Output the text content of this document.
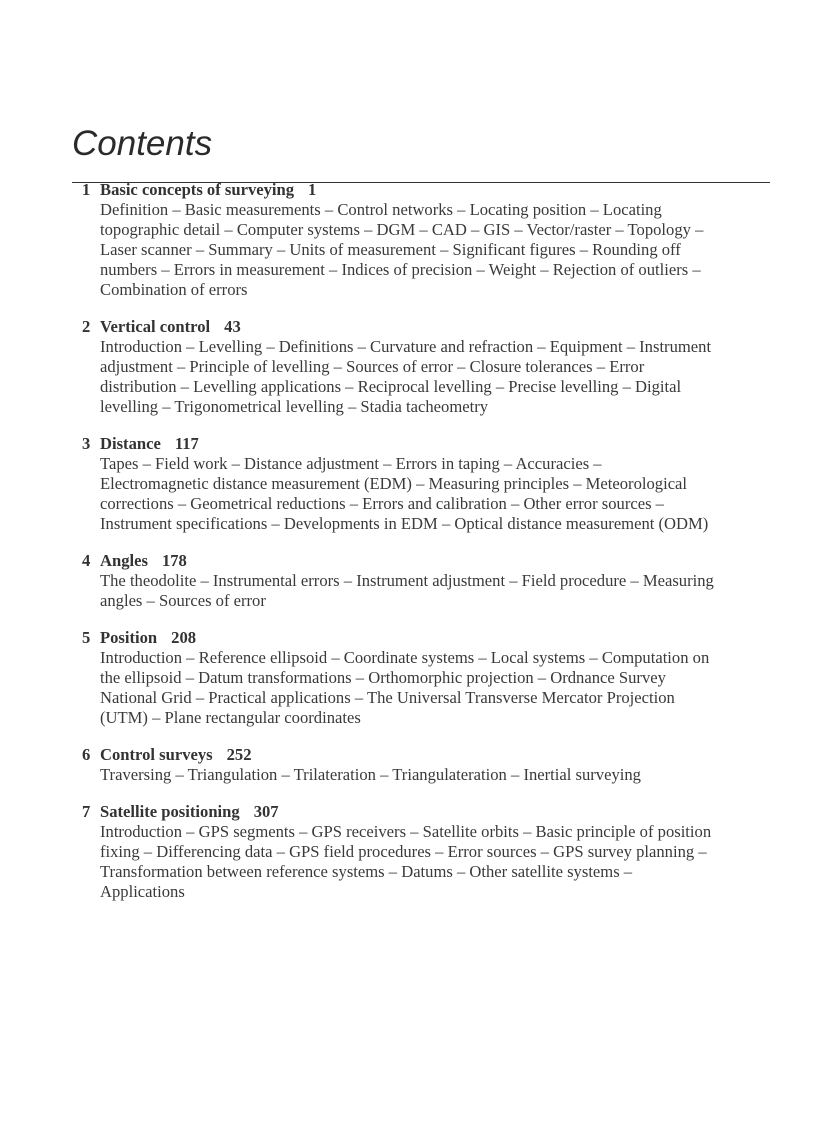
Contents
1 Basic concepts of surveying 1
Definition – Basic measurements – Control networks – Locating position – Locating
topographic detail – Computer systems – DGM – CAD – GIS – Vector/raster – Topology –
Laser scanner – Summary – Units of measurement – Significant figures – Rounding off
numbers – Errors in measurement – Indices of precision – Weight – Rejection of outliers –
Combination of errors
2 Vertical control 43
Introduction – Levelling – Definitions – Curvature and refraction – Equipment – Instrument
adjustment – Principle of levelling – Sources of error – Closure tolerances – Error
distribution – Levelling applications – Reciprocal levelling – Precise levelling – Digital
levelling – Trigonometrical levelling – Stadia tacheometry
3 Distance 117
Tapes – Field work – Distance adjustment – Errors in taping – Accuracies –
Electromagnetic distance measurement (EDM) – Measuring principles – Meteorological
corrections – Geometrical reductions – Errors and calibration – Other error sources –
Instrument specifications – Developments in EDM – Optical distance measurement (ODM)
4 Angles 178
The theodolite – Instrumental errors – Instrument adjustment – Field procedure – Measuring
angles – Sources of error
5 Position 208
Introduction – Reference ellipsoid – Coordinate systems – Local systems – Computation on
the ellipsoid – Datum transformations – Orthomorphic projection – Ordnance Survey
National Grid – Practical applications – The Universal Transverse Mercator Projection
(UTM) – Plane rectangular coordinates
6 Control surveys 252
Traversing – Triangulation – Trilateration – Triangulateration – Inertial surveying
7 Satellite positioning 307
Introduction – GPS segments – GPS receivers – Satellite orbits – Basic principle of position
fixing – Differencing data – GPS field procedures – Error sources – GPS survey planning –
Transformation between reference systems – Datums – Other satellite systems –
Applications
